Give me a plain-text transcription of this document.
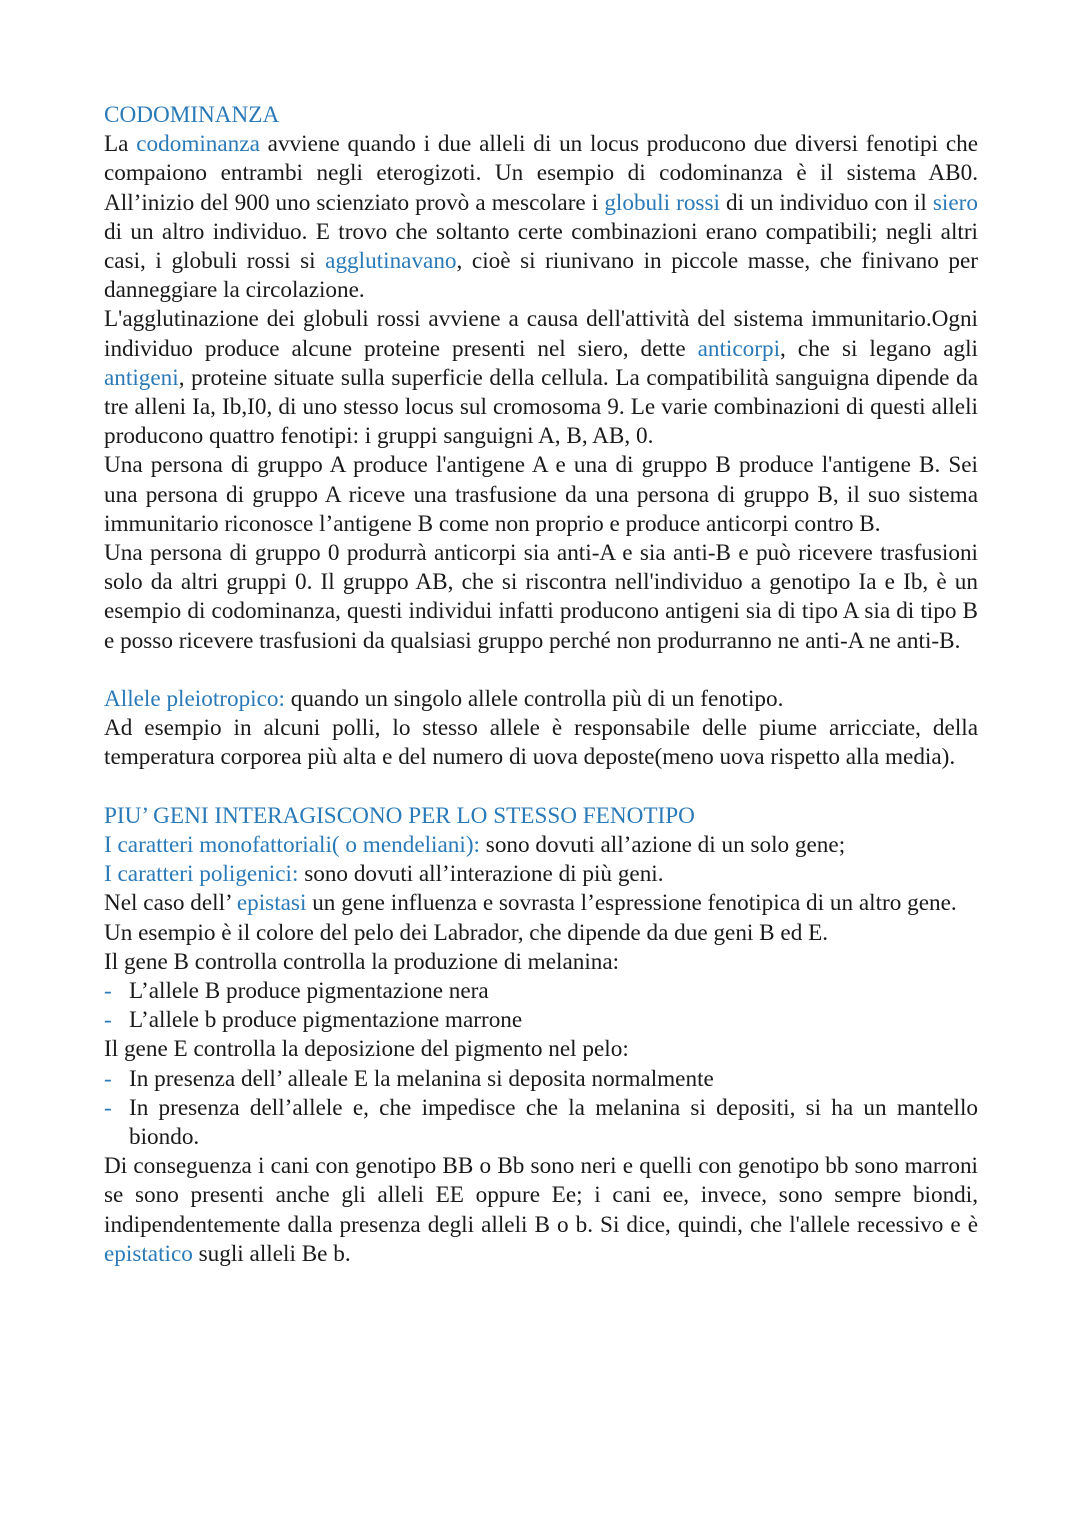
CODOMINANZA

La codominanza avviene quando i due alleli di un locus producono due diversi fenotipi che compaiono entrambi negli eterogizoti. Un esempio di codominanza è il sistema AB0. All’inizio del 900 uno scienziato provò a mescolare i globuli rossi di un individuo con il siero di un altro individuo. E trovo che soltanto certe combinazioni erano compatibili; negli altri casi, i globuli rossi si agglutinavano, cioè si riunivano in piccole masse, che finivano per danneggiare la circolazione.

L'agglutinazione dei globuli rossi avviene a causa dell'attività del sistema immunitario.Ogni individuo produce alcune proteine presenti nel siero, dette anticorpi, che si legano agli antigeni, proteine situate sulla superficie della cellula. La compatibilità sanguigna dipende da tre alleni Ia, Ib,I0, di uno stesso locus sul cromosoma 9. Le varie combinazioni di questi alleli producono quattro fenotipi: i gruppi sanguigni A, B, AB, 0.

Una persona di gruppo A produce l'antigene A e una di gruppo B produce l'antigene B. Sei una persona di gruppo A riceve una trasfusione da una persona di gruppo B, il suo sistema immunitario riconosce l’antigene B come non proprio e produce anticorpi contro B.

Una persona di gruppo 0 produrrà anticorpi sia anti-A e sia anti-B e può ricevere trasfusioni solo da altri gruppi 0. Il gruppo AB, che si riscontra nell'individuo a genotipo Ia e Ib, è un esempio di codominanza, questi individui infatti producono antigeni sia di tipo A sia di tipo B e posso ricevere trasfusioni da qualsiasi gruppo perché non produrranno ne anti-A ne anti-B.

Allele pleiotropico: quando un singolo allele controlla più di un fenotipo.

Ad esempio in alcuni polli, lo stesso allele è responsabile delle piume arricciate, della temperatura corporea più alta e del numero di uova deposte(meno uova rispetto alla media).

PIU’ GENI INTERAGISCONO PER LO STESSO FENOTIPO

I caratteri monofattoriali( o mendeliani): sono dovuti all’azione di un solo gene;

I caratteri poligenici: sono dovuti all’interazione di più geni.

Nel caso dell’ epistasi un gene influenza e sovrasta l’espressione fenotipica di un altro gene.

Un esempio è il colore del pelo dei Labrador, che dipende da due geni B ed E.

Il gene B controlla controlla la produzione di melanina:

- L’allele B produce pigmentazione nera

- L’allele b produce pigmentazione marrone

Il gene E controlla la deposizione del pigmento nel pelo:

- In presenza dell’ alleale E la melanina si deposita normalmente

- In presenza dell’allele e, che impedisce che la melanina si depositi, si ha un mantello biondo.

Di conseguenza i cani con genotipo BB o Bb sono neri e quelli con genotipo bb sono marroni se sono presenti anche gli alleli EE oppure Ee; i cani ee, invece, sono sempre biondi, indipendentemente dalla presenza degli alleli B o b. Si dice, quindi, che l'allele recessivo e è epistatico sugli alleli Be b.
